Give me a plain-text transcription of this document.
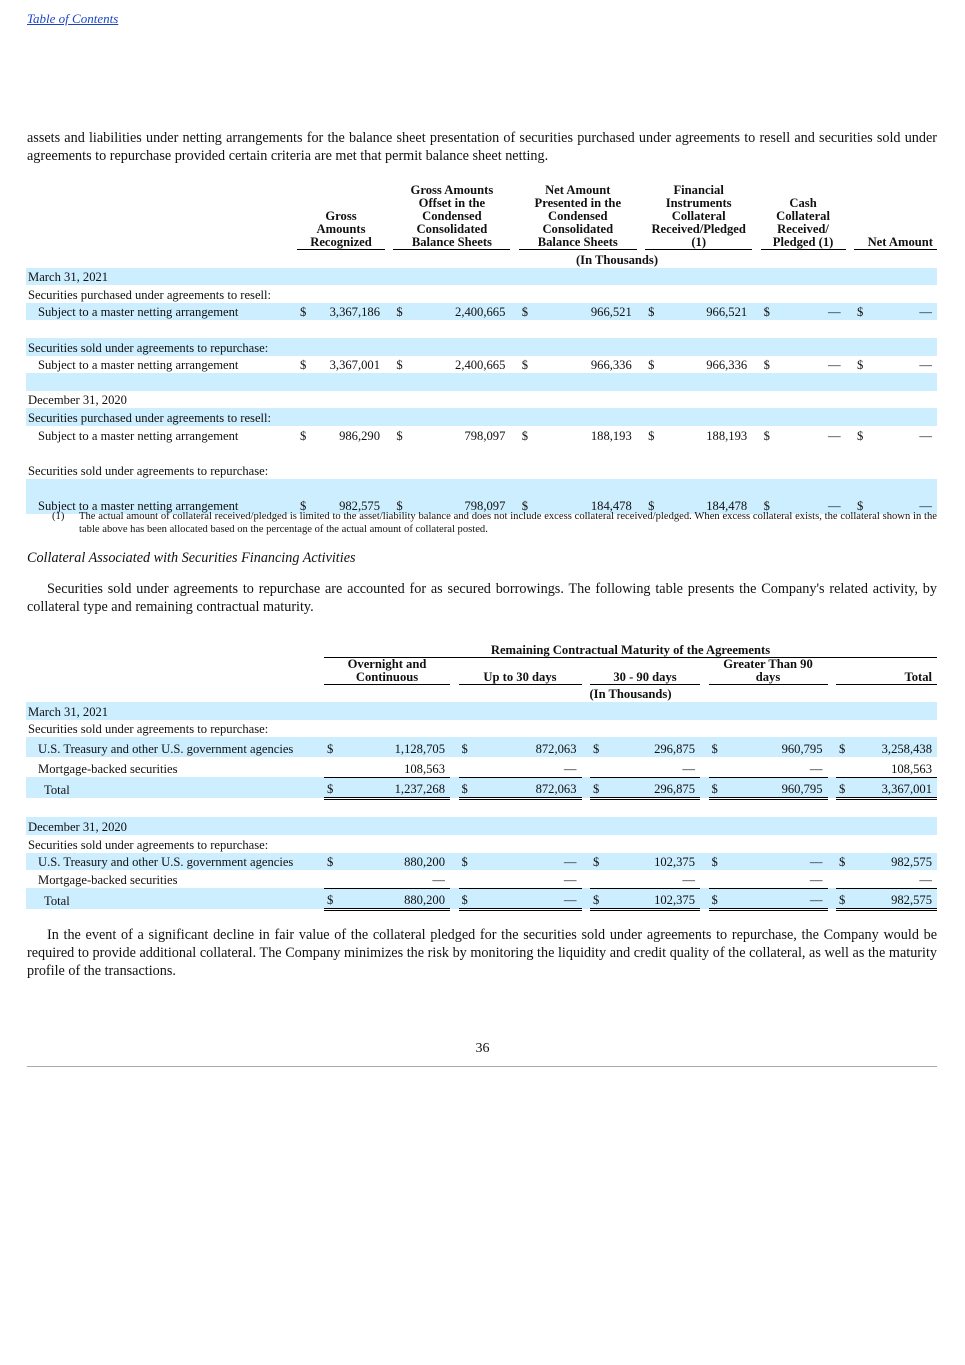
Table of Contents
assets and liabilities under netting arrangements for the balance sheet presentation of securities purchased under agreements to resell and securities sold under agreements to repurchase provided certain criteria are met that permit balance sheet netting.
	Gross
Amounts
Recognized			Gross Amounts
Offset in the
Condensed
Consolidated
Balance Sheets			Net Amount
Presented in the
Condensed
Consolidated
Balance Sheets			Financial
Instruments
Collateral
Received/Pledged
(1)			Cash
Collateral
Received/
Pledged (1)			Net Amount	
	(In Thousands)																
March 31, 2021																	
Securities purchased under agreements to resell:																	
Subject to a master netting arrangement	$	3,367,186		$	2,400,665		$	966,521		$	966,521		$	—		$	—

Securities sold under agreements to repurchase:																	
Subject to a master netting arrangement	$	3,367,001		$	2,400,665		$	966,336		$	966,336		$	—		$	—

December 31, 2020																	
Securities purchased under agreements to resell:																	
Subject to a master netting arrangement	$	986,290		$	798,097		$	188,193		$	188,193		$	—		$	—

Securities sold under agreements to repurchase:																	

Subject to a master netting arrangement	$	982,575		$	798,097		$	184,478		$	184,478		$	—		$	—
(1) The actual amount of collateral received/pledged is limited to the asset/liability balance and does not include excess collateral received/pledged. When excess collateral exists, the collateral shown in the table above has been allocated based on the percentage of the actual amount of collateral posted.
Collateral Associated with Securities Financing Activities
Securities sold under agreements to repurchase are accounted for as secured borrowings. The following table presents the Company's related activity, by collateral type and remaining contractual maturity.
	Remaining Contractual Maturity of the Agreements													
	Overnight and
Continuous			Up to 30 days			30 - 90 days			Greater Than 90
days			Total	
	(In Thousands)													
March 31, 2021														
Securities sold under agreements to repurchase:														
U.S. Treasury and other U.S. government agencies	$	1,128,705		$	872,063		$	296,875		$	960,795		$	3,258,438
Mortgage-backed securities		108,563			—			—			—			108,563
Total	$	1,237,268		$	872,063		$	296,875		$	960,795		$	3,367,001

December 31, 2020														
Securities sold under agreements to repurchase:														
U.S. Treasury and other U.S. government agencies	$	880,200		$	—		$	102,375		$	—		$	982,575
Mortgage-backed securities		—			—			—			—			—
Total	$	880,200		$	—		$	102,375		$	—		$	982,575
In the event of a significant decline in fair value of the collateral pledged for the securities sold under agreements to repurchase, the Company would be required to provide additional collateral. The Company minimizes the risk by monitoring the liquidity and credit quality of the collateral, as well as the maturity profile of the transactions.
36
